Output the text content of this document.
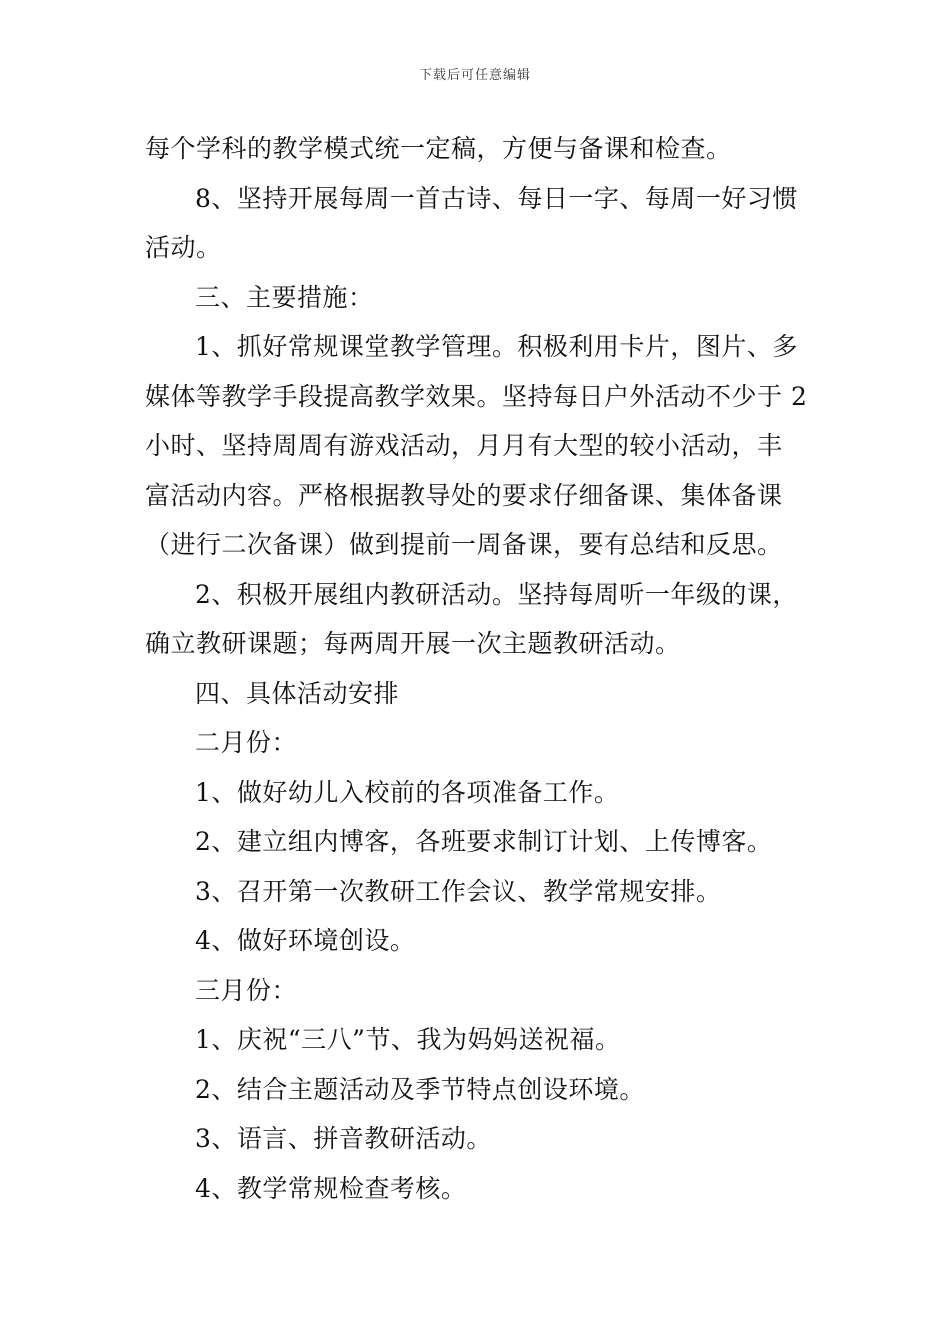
下载后可任意编辑
每个学科的教学模式统一定稿，方便与备课和检查。
8、坚持开展每周一首古诗、每日一字、每周一好习惯
活动。
三、主要措施：
1、抓好常规课堂教学管理。积极利用卡片，图片、多
媒体等教学手段提高教学效果。坚持每日户外活动不少于 2
小时、坚持周周有游戏活动，月月有大型的较小活动，丰
富活动内容。严格根据教导处的要求仔细备课、集体备课
（进行二次备课）做到提前一周备课，要有总结和反思。
2、积极开展组内教研活动。坚持每周听一年级的课，
确立教研课题；每两周开展一次主题教研活动。
四、具体活动安排
二月份：
1、做好幼儿入校前的各项准备工作。
2、建立组内博客，各班要求制订计划、上传博客。
3、召开第一次教研工作会议、教学常规安排。
4、做好环境创设。
三月份：
1、庆祝“三八”节、我为妈妈送祝福。
2、结合主题活动及季节特点创设环境。
3、语言、拼音教研活动。
4、教学常规检查考核。
